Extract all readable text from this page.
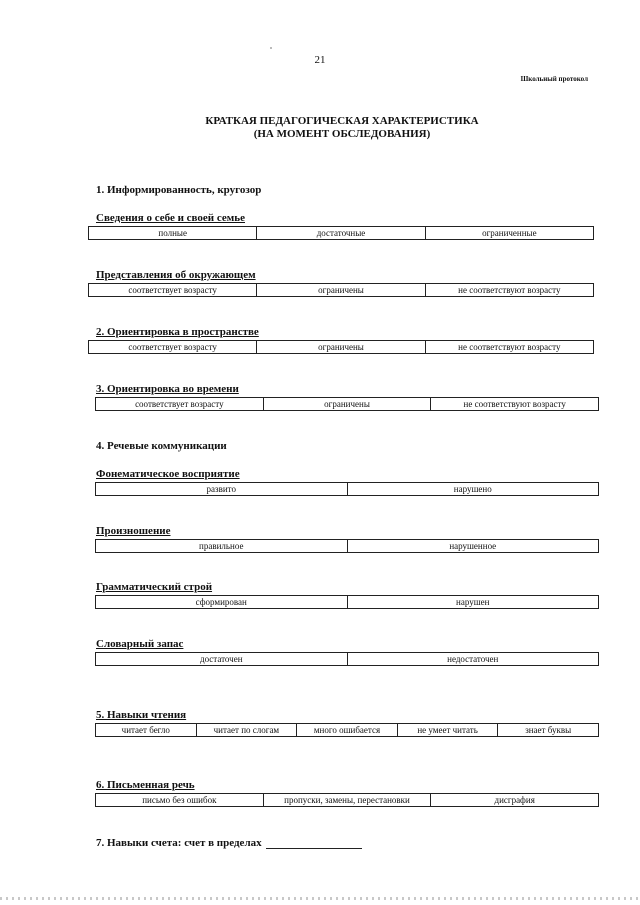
21
Школьный протокол
КРАТКАЯ ПЕДАГОГИЧЕСКАЯ ХАРАКТЕРИСТИКА
(НА МОМЕНТ ОБСЛЕДОВАНИЯ)
1. Информированность, кругозор
Сведения о себе и своей семье
полные	достаточные	ограниченные
Представления об окружающем
соответствует возрасту	ограничены	не соответствуют возрасту
2. Ориентировка в пространстве
соответствует возрасту	ограничены	не соответствуют возрасту
3. Ориентировка во времени
соответствует возрасту	ограничены	не соответствуют возрасту
4. Речевые коммуникации
Фонематическое восприятие
развито	нарушено
Произношение
правильное	нарушенное
Грамматический строй
сформирован	нарушен
Словарный запас
достаточен	недостаточен
5. Навыки чтения
читает бегло	читает по слогам	много ошибается	не умеет читать	знает буквы
6. Письменная речь
письмо без ошибок	пропуски, замены, перестановки	дисграфия
7. Навыки счета: счет в пределах
